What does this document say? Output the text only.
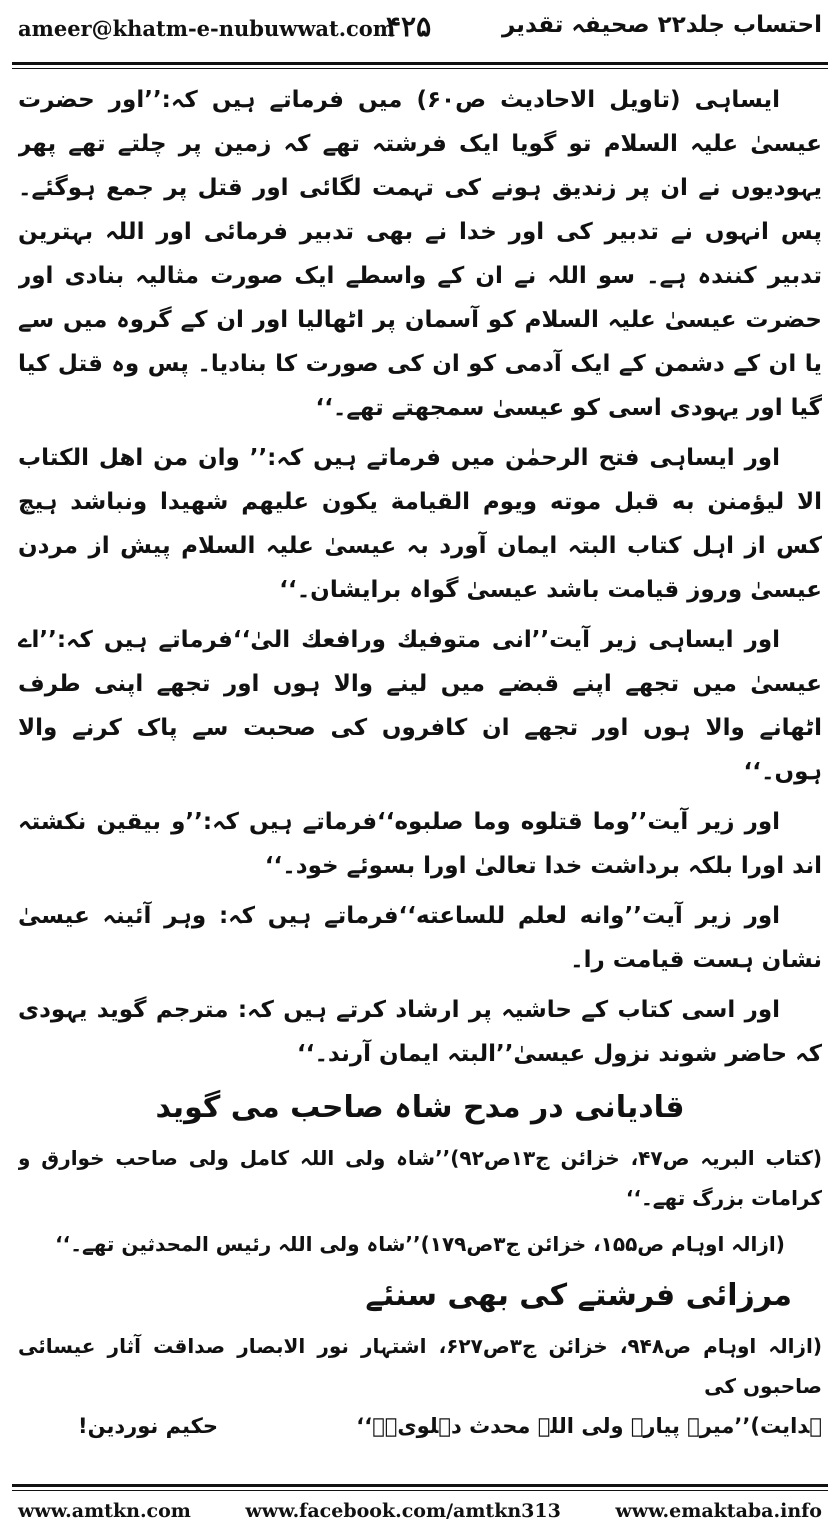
ameer@khatm-e-nubuwwat.com
۴۲۵	احتساب جلد۲۲ صحیفہ تقدیر

ایساہی (تاویل الاحادیث ص۶۰) میں فرماتے ہیں کہ:’’اور حضرت عیسیٰ علیہ السلام تو گویا ایک فرشتہ تھے کہ زمین پر چلتے تھے پھر یہودیوں نے ان پر زندیق ہونے کی تہمت لگائی اور قتل پر جمع ہوگئے۔ پس انہوں نے تدبیر کی اور خدا نے بھی تدبیر فرمائی اور اللہ بہترین تدبیر کنندہ ہے۔ سو اللہ نے ان کے واسطے ایک صورت مثالیہ بنادی اور حضرت عیسیٰ علیہ السلام کو آسمان پر اٹھالیا اور ان کے گروہ میں سے یا ان کے دشمن کے ایک آدمی کو ان کی صورت کا بنادیا۔ پس وہ قتل کیا گیا اور یہودی اسی کو عیسیٰ سمجھتے تھے۔‘‘

اور ایساہی فتح الرحمٰن میں فرماتے ہیں کہ:’’ وان من اهل الکتاب الا لیؤمنن به قبل موته ویوم القیامة یکون علیهم شهیدا ونباشد ہیچ کس از اہل کتاب البتہ ایمان آورد بہ عیسیٰ علیہ السلام پیش از مردن عیسیٰ وروز قیامت باشد عیسیٰ گواہ برایشان۔‘‘

اور ایساہی زیر آیت’’انی متوفیك ورافعك الیٰ‘‘فرماتے ہیں کہ:’’اے عیسیٰ میں تجھے اپنے قبضے میں لینے والا ہوں اور تجھے اپنی طرف اٹھانے والا ہوں اور تجھے ان کافروں کی صحبت سے پاک کرنے والا ہوں۔‘‘

اور زیر آیت’’وما قتلوه وما صلبوه‘‘فرماتے ہیں کہ:’’و بیقین نکشتہ اند اورا بلکہ برداشت خدا تعالیٰ اورا بسوئے خود۔‘‘

اور زیر آیت’’وانه لعلم للساعته‘‘فرماتے ہیں کہ: وہر آئینہ عیسیٰ نشان ہست قیامت را۔

اور اسی کتاب کے حاشیہ پر ارشاد کرتے ہیں کہ: مترجم گوید یہودی کہ حاضر شوند نزول عیسیٰ’’البتہ ایمان آرند۔‘‘

قادیانی در مدح شاہ صاحب می گوید

(کتاب البریہ ص۴۷، خزائن ج۱۳ص۹۲)’’شاہ ولی اللہ کامل ولی صاحب خوارق و کرامات بزرگ تھے۔‘‘

(ازالہ اوہام ص۱۵۵، خزائن ج۳ص۱۷۹)’’شاہ ولی اللہ رئیس المحدثین تھے۔‘‘

مرزائی فرشتے کی بھی سنئے

(ازالہ اوہام ص۹۴۸، خزائن ج۳ص۶۲۷، اشتہار نور الابصار صداقت آثار عیسائی صاحبوں کی

ہدایت)’’میرے پیارے ولی اللہ محدث دہلویؒ۔‘‘
حکیم نوردین!
www.amtkn.com	www.facebook.com/amtkn313	www.emaktaba.info
